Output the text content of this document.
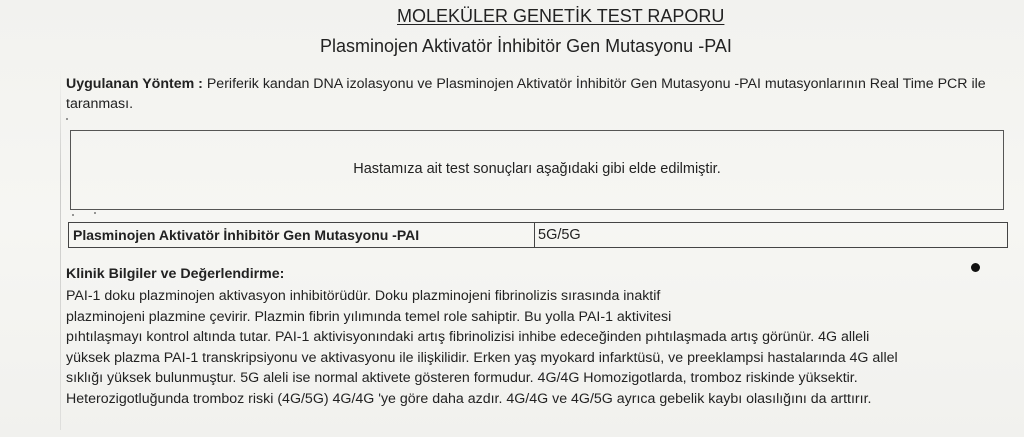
MOLEKÜLER GENETİK TEST RAPORU
Plasminojen Aktivatör İnhibitör Gen Mutasyonu -PAI
Uygulanan Yöntem : Periferik kandan DNA izolasyonu ve Plasminojen Aktivatör İnhibitör Gen Mutasyonu -PAI mutasyonlarının Real Time PCR ile taranması.
Hastamıza ait test sonuçları aşağıdaki gibi elde edilmiştir.
Plasminojen Aktivatör İnhibitör Gen Mutasyonu -PAI	5G/5G
Klinik Bilgiler ve Değerlendirme:
PAI-1 doku plazminojen aktivasyon inhibitörüdür. Doku plazminojeni fibrinolizis sırasında inaktif
plazminojeni plazmine çevirir. Plazmin fibrin yılımında temel role sahiptir. Bu yolla PAI-1 aktivitesi
pıhtılaşmayı kontrol altında tutar. PAI-1 aktivisyonındaki artış fibrinolizisi inhibe edeceğinden pıhtılaşmada artış görünür. 4G alleli
yüksek plazma PAI-1 transkripsiyonu ve aktivasyonu ile ilişkilidir. Erken yaş myokard infarktüsü, ve preeklampsi hastalarında 4G allel
sıklığı yüksek bulunmuştur. 5G aleli ise normal aktivete gösteren formudur. 4G/4G Homozigotlarda, tromboz riskinde yüksektir.
Heterozigotluğunda tromboz riski (4G/5G) 4G/4G 'ye göre daha azdır. 4G/4G ve 4G/5G ayrıca gebelik kaybı olasılığını da arttırır.
